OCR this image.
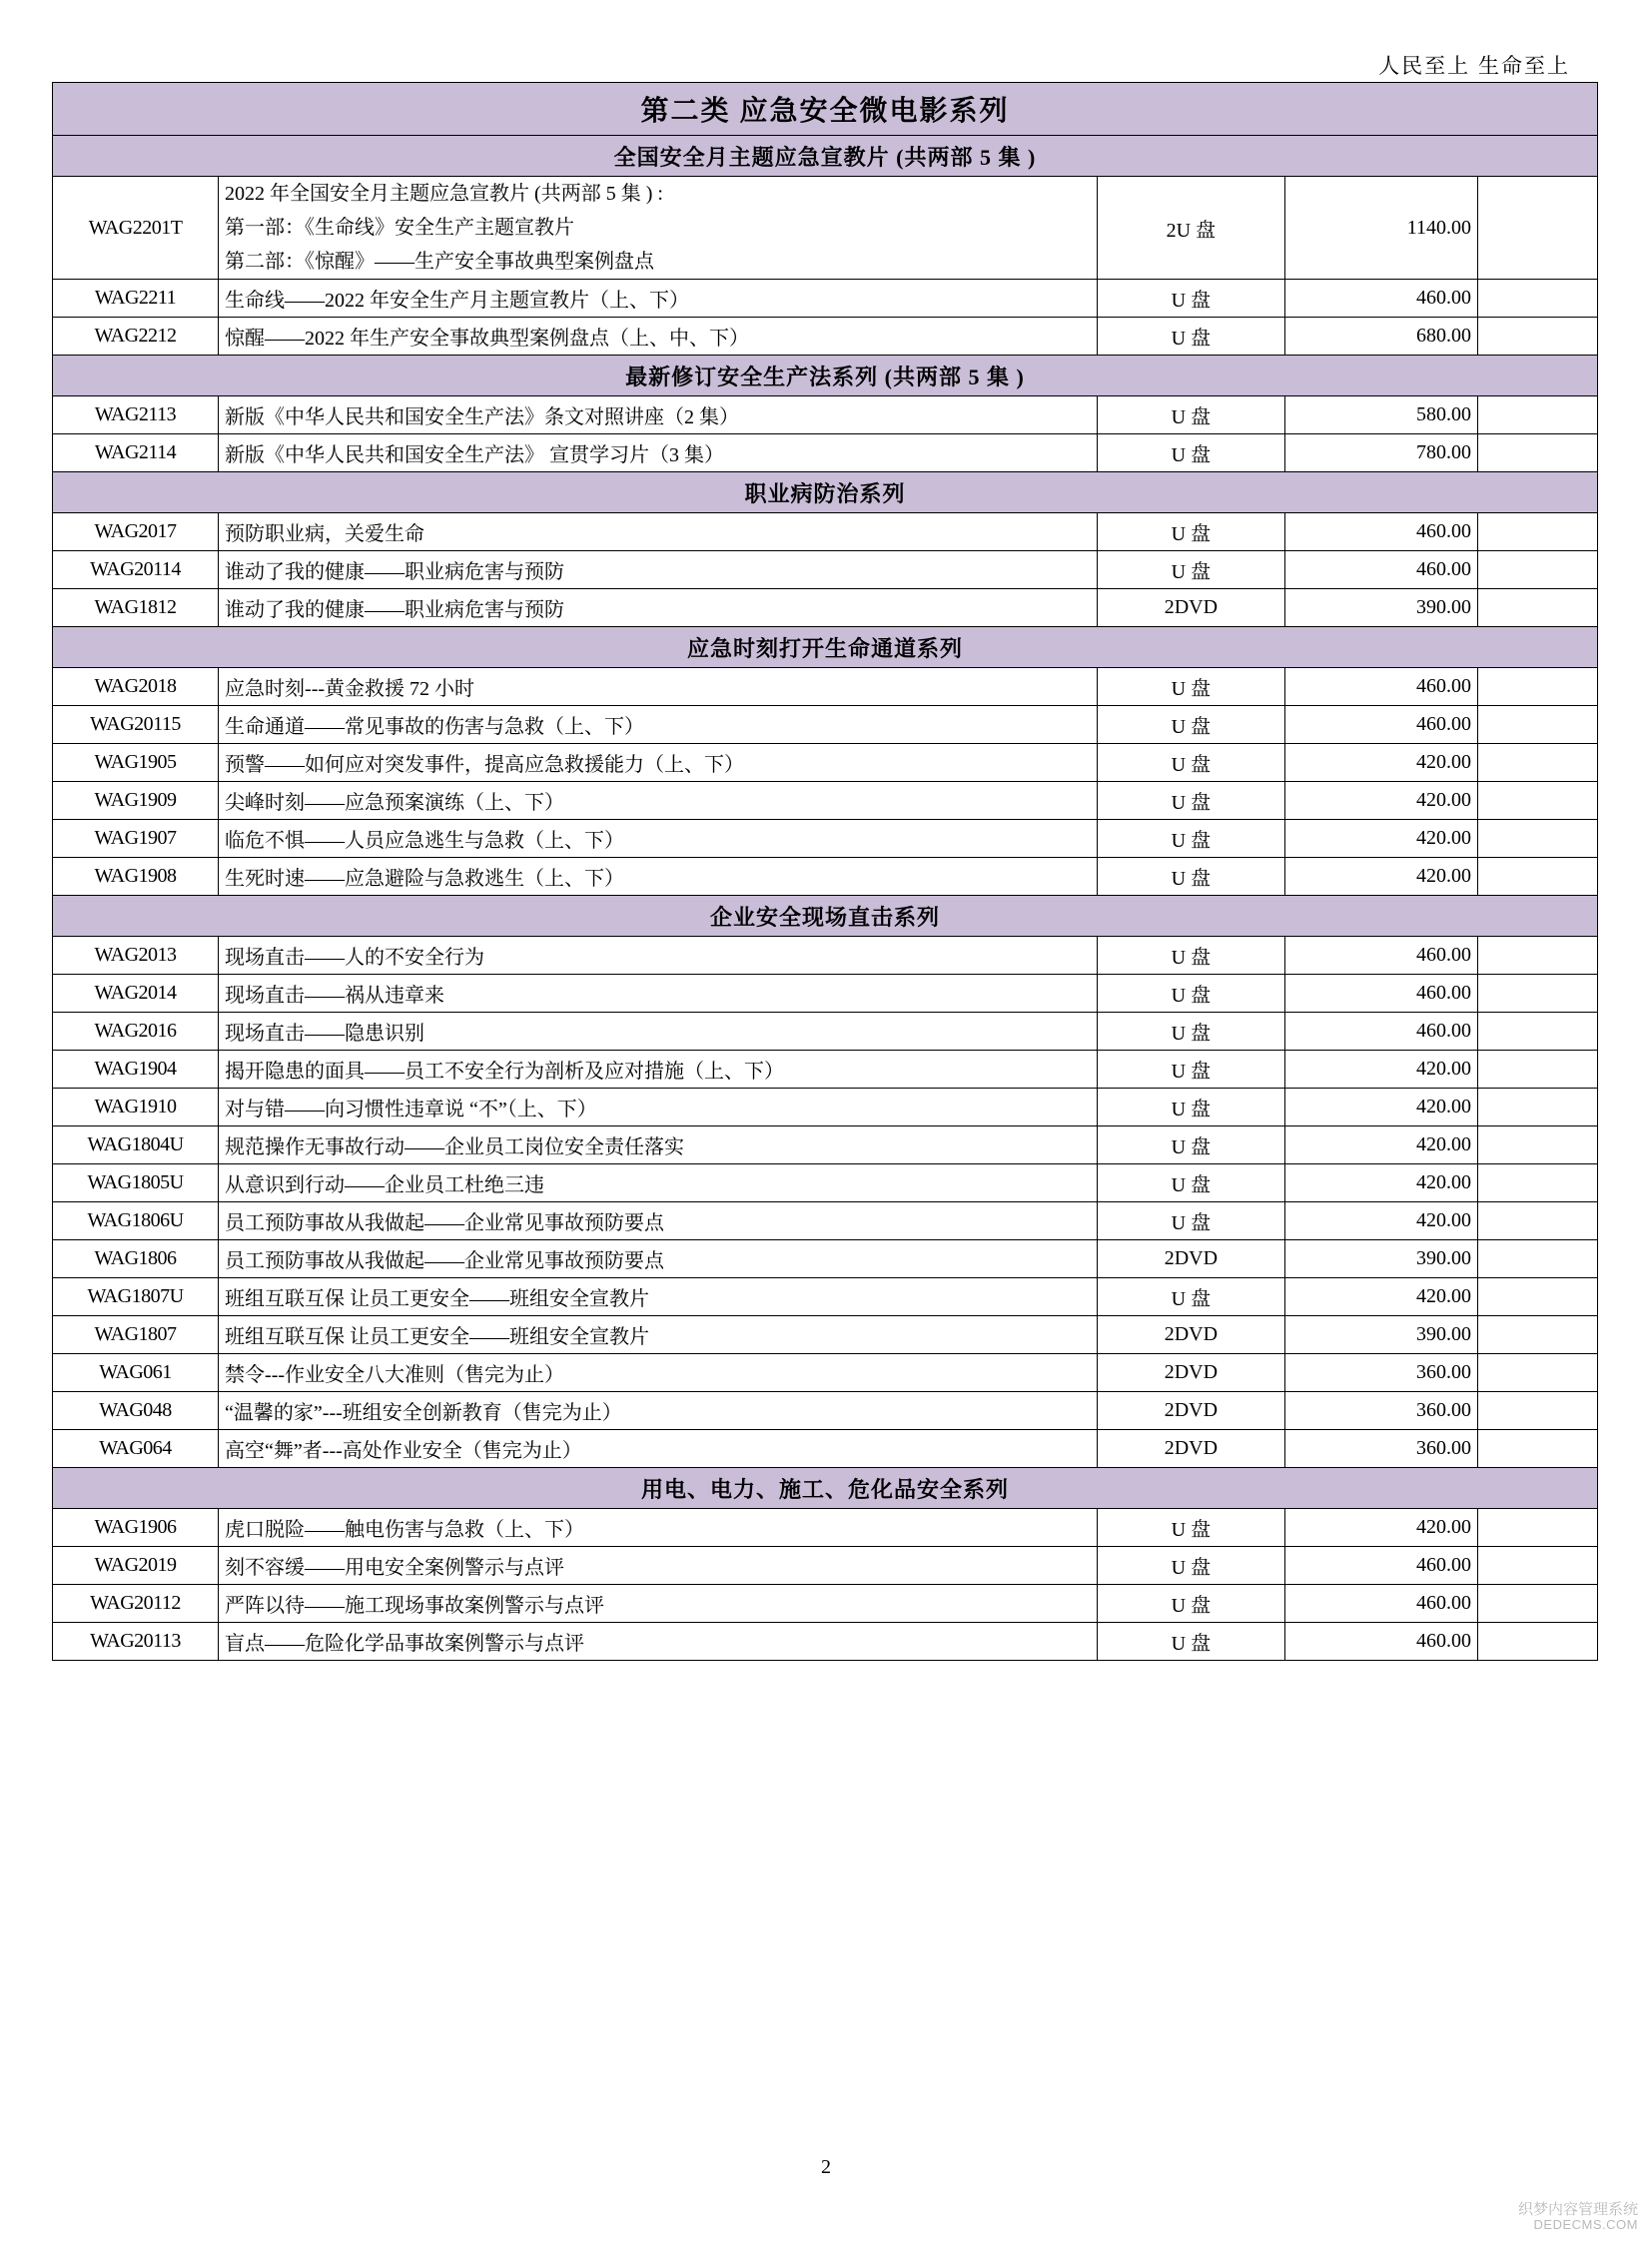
人民至上 生命至上
第二类 应急安全微电影系列				
全国安全月主题应急宣教片 (共两部 5 集 )				
WAG2201T	2022 年全国安全月主题应急宣教片 (共两部 5 集 ) :
第一部：《生命线》安全生产主题宣教片
第二部：《惊醒》——生产安全事故典型案例盘点	2U 盘	1140.00	
WAG2211	生命线——2022 年安全生产月主题宣教片（上、下）	U 盘	460.00	
WAG2212	惊醒——2022 年生产安全事故典型案例盘点（上、中、下）	U 盘	680.00	
最新修订安全生产法系列 (共两部 5 集 )				
WAG2113	新版《中华人民共和国安全生产法》条文对照讲座（2 集）	U 盘	580.00	
WAG2114	新版《中华人民共和国安全生产法》 宣贯学习片（3 集）	U 盘	780.00	
职业病防治系列				
WAG2017	预防职业病，关爱生命	U 盘	460.00	
WAG20114	谁动了我的健康——职业病危害与预防	U 盘	460.00	
WAG1812	谁动了我的健康——职业病危害与预防	2DVD	390.00	
应急时刻打开生命通道系列				
WAG2018	应急时刻---黄金救援 72 小时	U 盘	460.00	
WAG20115	生命通道——常见事故的伤害与急救（上、下）	U 盘	460.00	
WAG1905	预警——如何应对突发事件，提高应急救援能力（上、下）	U 盘	420.00	
WAG1909	尖峰时刻——应急预案演练（上、下）	U 盘	420.00	
WAG1907	临危不惧——人员应急逃生与急救（上、下）	U 盘	420.00	
WAG1908	生死时速——应急避险与急救逃生（上、下）	U 盘	420.00	
企业安全现场直击系列				
WAG2013	现场直击——人的不安全行为	U 盘	460.00	
WAG2014	现场直击——祸从违章来	U 盘	460.00	
WAG2016	现场直击——隐患识别	U 盘	460.00	
WAG1904	揭开隐患的面具——员工不安全行为剖析及应对措施（上、下）	U 盘	420.00	
WAG1910	对与错——向习惯性违章说 “不”（上、下）	U 盘	420.00	
WAG1804U	规范操作无事故行动——企业员工岗位安全责任落实	U 盘	420.00	
WAG1805U	从意识到行动——企业员工杜绝三违	U 盘	420.00	
WAG1806U	员工预防事故从我做起——企业常见事故预防要点	U 盘	420.00	
WAG1806	员工预防事故从我做起——企业常见事故预防要点	2DVD	390.00	
WAG1807U	班组互联互保 让员工更安全——班组安全宣教片	U 盘	420.00	
WAG1807	班组互联互保 让员工更安全——班组安全宣教片	2DVD	390.00	
WAG061	禁令---作业安全八大准则（售完为止）	2DVD	360.00	
WAG048	“温馨的家”---班组安全创新教育（售完为止）	2DVD	360.00	
WAG064	高空“舞”者---高处作业安全（售完为止）	2DVD	360.00	
用电、电力、施工、危化品安全系列				
WAG1906	虎口脱险——触电伤害与急救（上、下）	U 盘	420.00	
WAG2019	刻不容缓——用电安全案例警示与点评	U 盘	460.00	
WAG20112	严阵以待——施工现场事故案例警示与点评	U 盘	460.00	
WAG20113	盲点——危险化学品事故案例警示与点评	U 盘	460.00	
2
织梦内容管理系统
DEDECMS.COM
